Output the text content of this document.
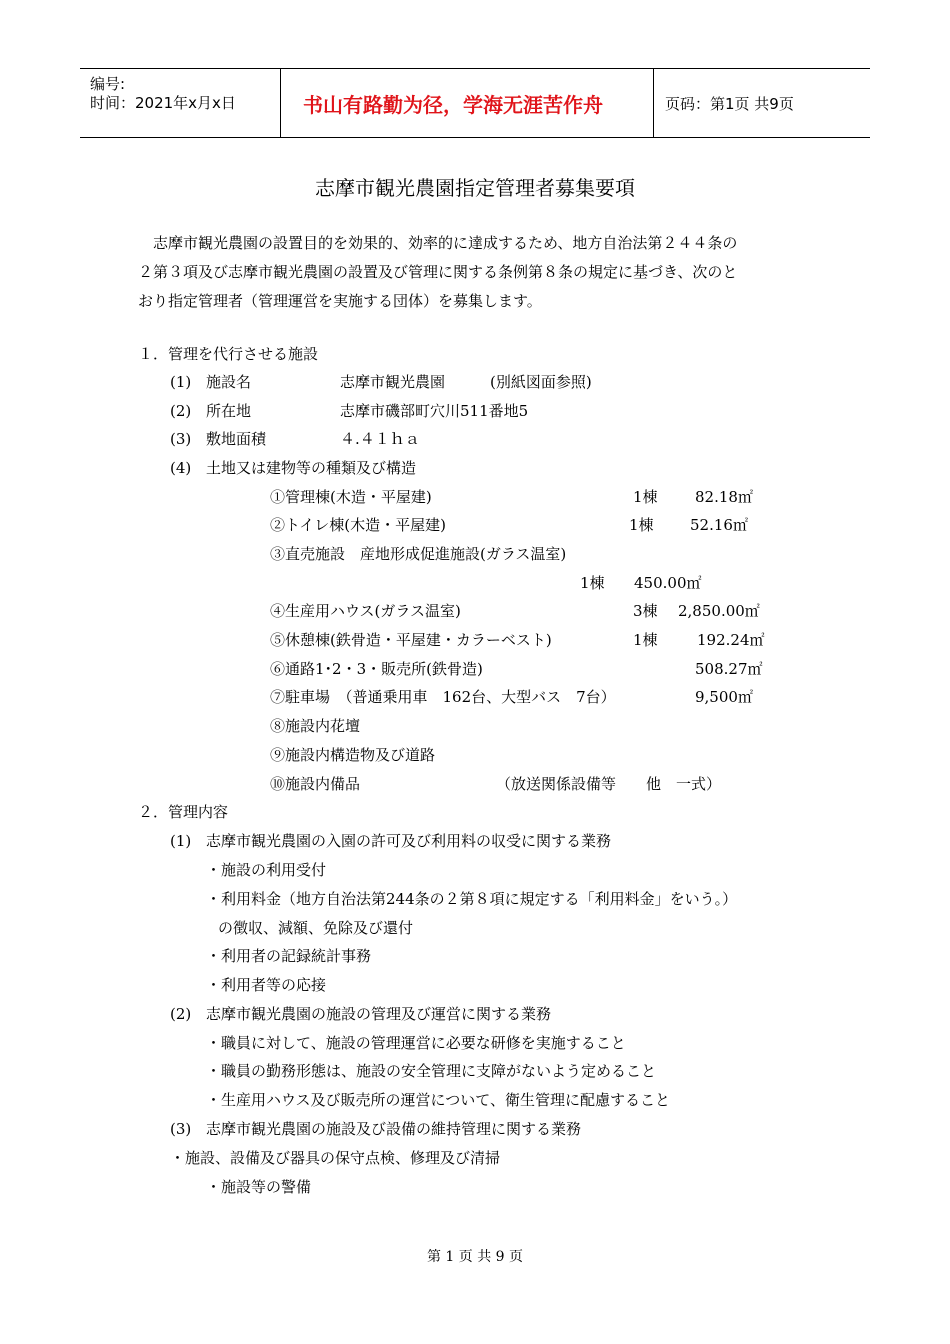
编号:
时间：2021年x月x日	书山有路勤为径，学海无涯苦作舟	页码：第1页 共9页
志摩市観光農園指定管理者募集要項
　志摩市観光農園の設置目的を効果的、効率的に達成するため、地方自治法第２４４条の
２第３項及び志摩市観光農園の設置及び管理に関する条例第８条の規定に基づき、次のと
おり指定管理者（管理運営を実施する団体）を募集します。
１．管理を代行させる施設
(1) 施設名	志摩市観光農園	(別紙図面参照)
(2) 所在地	志摩市磯部町穴川511番地5
(3) 敷地面積	４.４１ｈａ
(4) 土地又は建物等の種類及び構造
①管理棟(木造・平屋建)	1棟 82.18㎡
②トイレ棟(木造・平屋建)	1棟 52.16㎡
③直売施設　産地形成促進施設(ガラス温室)
1棟 450.00㎡
④生産用ハウス(ガラス温室)	3棟 2,850.00㎡
⑤休憩棟(鉄骨造・平屋建・カラーベスト)	1棟	192.24㎡
⑥通路1･2・3・販売所(鉄骨造)	508.27㎡
⑦駐車場　（普通乗用車　162台、大型バス　7台）	9,500㎡
⑧施設内花壇
⑨施設内構造物及び道路
⑩施設内備品	（放送関係設備等　　他　一式）
２．管理内容
(1) 志摩市観光農園の入園の許可及び利用料の収受に関する業務
・施設の利用受付
・利用料金（地方自治法第244条の２第８項に規定する「利用料金」をいう。）
の徴収、減額、免除及び還付
・利用者の記録統計事務
・利用者等の応接
(2) 志摩市観光農園の施設の管理及び運営に関する業務
・職員に対して、施設の管理運営に必要な研修を実施すること
・職員の勤務形態は、施設の安全管理に支障がないよう定めること
・生産用ハウス及び販売所の運営について、衛生管理に配慮すること
(3) 志摩市観光農園の施設及び設備の維持管理に関する業務
・施設、設備及び器具の保守点検、修理及び清掃
・施設等の警備
第 1 页 共 9 页
